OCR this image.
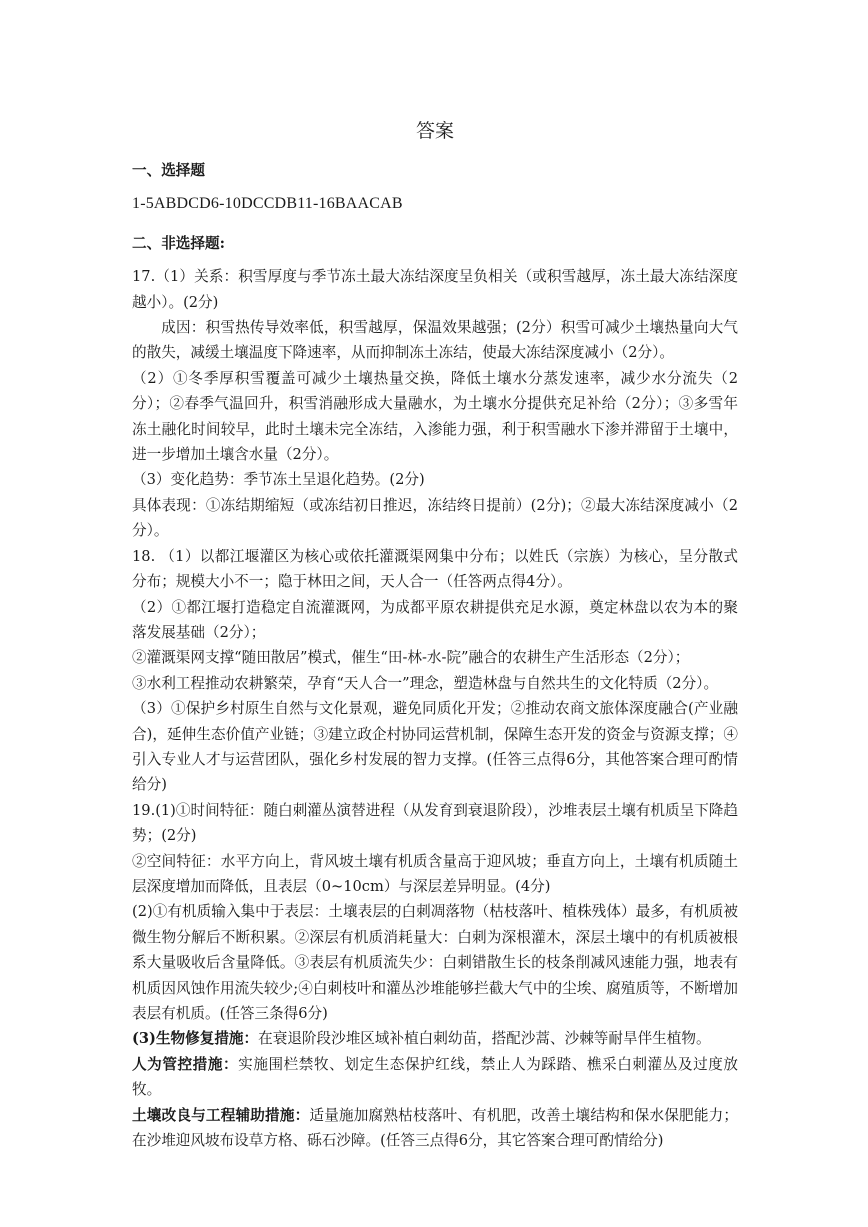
答案
一、选择题
1-5ABDCD6-10DCCDB11-16BAACAB
二、非选择题:

17.（1）关系：积雪厚度与季节冻土最大冻结深度呈负相关（或积雪越厚，冻土最大冻结深度越小）。(2分)

成因：积雪热传导效率低，积雪越厚，保温效果越强；(2分）积雪可减少土壤热量向大气的散失，减缓土壤温度下降速率，从而抑制冻土冻结，使最大冻结深度减小（2分）。

（2）①冬季厚积雪覆盖可减少土壤热量交换，降低土壤水分蒸发速率，减少水分流失（2分）；②春季气温回升，积雪消融形成大量融水，为土壤水分提供充足补给（2分）；③多雪年冻土融化时间较早，此时土壤未完全冻结，入渗能力强，利于积雪融水下渗并滞留于土壤中，进一步增加土壤含水量（2分）。

（3）变化趋势：季节冻土呈退化趋势。(2分)

具体表现：①冻结期缩短（或冻结初日推迟，冻结终日提前）(2分)；②最大冻结深度减小（2分）。

18. （1）以都江堰灌区为核心或依托灌溉渠网集中分布；以姓氏（宗族）为核心，呈分散式分布；规模大小不一；隐于林田之间，天人合一（任答两点得4分）。

（2）①都江堰打造稳定自流灌溉网，为成都平原农耕提供充足水源，奠定林盘以农为本的聚落发展基础（2分）；

②灌溉渠网支撑“随田散居”模式，催生“田-林-水-院”融合的农耕生产生活形态（2分）；

③水利工程推动农耕繁荣，孕育“天人合一”理念，塑造林盘与自然共生的文化特质（2分）。

（3）①保护乡村原生自然与文化景观，避免同质化开发；②推动农商文旅体深度融合(产业融合)，延伸生态价值产业链；③建立政企村协同运营机制，保障生态开发的资金与资源支撑；④引入专业人才与运营团队，强化乡村发展的智力支撑。(任答三点得6分，其他答案合理可酌情给分)

19.(1)①时间特征：随白刺灌丛演替进程（从发育到衰退阶段），沙堆表层土壤有机质呈下降趋势；(2分)

②空间特征：水平方向上，背风坡土壤有机质含量高于迎风坡；垂直方向上，土壤有机质随土层深度增加而降低，且表层（0~10cm）与深层差异明显。(4分)

(2)①有机质输入集中于表层：土壤表层的白刺凋落物（枯枝落叶、植株残体）最多，有机质被微生物分解后不断积累。②深层有机质消耗量大：白刺为深根灌木，深层土壤中的有机质被根系大量吸收后含量降低。③表层有机质流失少：白刺错散生长的枝条削减风速能力强，地表有机质因风蚀作用流失较少;④白刺枝叶和灌丛沙堆能够拦截大气中的尘埃、腐殖质等，不断增加表层有机质。(任答三条得6分)

(3)生物修复措施：在衰退阶段沙堆区域补植白刺幼苗，搭配沙蒿、沙棘等耐旱伴生植物。

人为管控措施：实施围栏禁牧、划定生态保护红线，禁止人为踩踏、樵采白刺灌丛及过度放牧。

土壤改良与工程辅助措施：适量施加腐熟枯枝落叶、有机肥，改善土壤结构和保水保肥能力；在沙堆迎风坡布设草方格、砾石沙障。(任答三点得6分，其它答案合理可酌情给分)
